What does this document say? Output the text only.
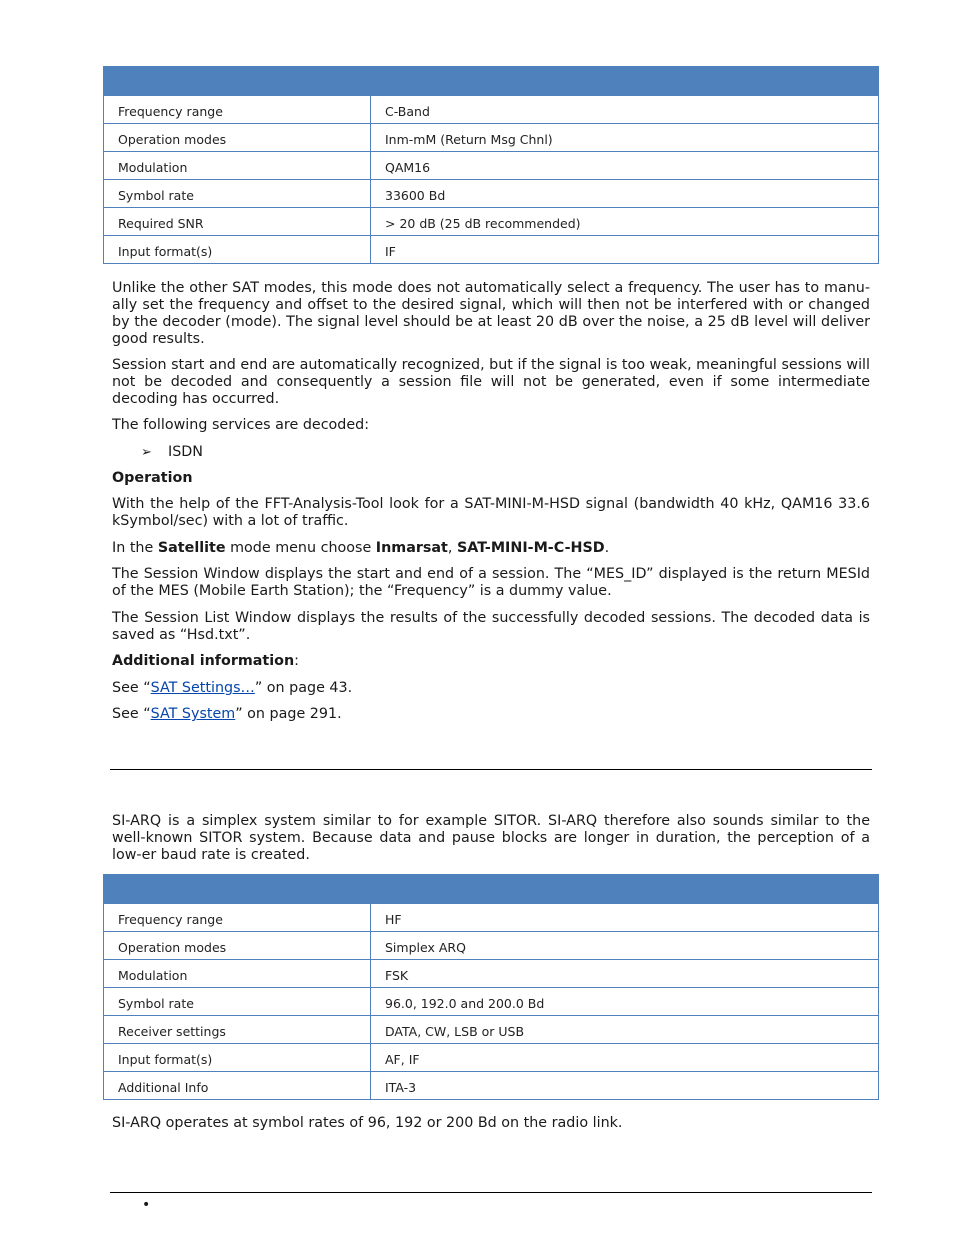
Frequency range	C-Band
Operation modes	Inm-mM (Return Msg Chnl)
Modulation	QAM16
Symbol rate	33600 Bd
Required SNR	> 20 dB (25 dB recommended)
Input format(s)	IF

Unlike the other SAT modes, this mode does not automatically select a frequency. The user has to manu-ally set the frequency and offset to the desired signal, which will then not be interfered with or changed by the decoder (mode). The signal level should be at least 20 dB over the noise, a 25 dB level will deliver good results.

Session start and end are automatically recognized, but if the signal is too weak, meaningful sessions will not be decoded and consequently a session file will not be generated, even if some intermediate decoding has occurred.

The following services are decoded:

➢ ISDN

Operation

With the help of the FFT-Analysis-Tool look for a SAT-MINI-M-HSD signal (bandwidth 40 kHz, QAM16 33.6 kSymbol/sec) with a lot of traffic.

In the Satellite mode menu choose Inmarsat, SAT-MINI-M-C-HSD.

The Session Window displays the start and end of a session. The “MES_ID” displayed is the return MESId of the MES (Mobile Earth Station); the “Frequency” is a dummy value.

The Session List Window displays the results of the successfully decoded sessions. The decoded data is saved as “Hsd.txt”.

Additional information:

See “SAT Settings…” on page 43.

See “SAT System” on page 291.

SI-ARQ is a simplex system similar to for example SITOR. SI-ARQ therefore also sounds similar to the well-known SITOR system. Because data and pause blocks are longer in duration, the perception of a low-er baud rate is created.

Frequency range	HF
Operation modes	Simplex ARQ
Modulation	FSK
Symbol rate	96.0, 192.0 and 200.0 Bd
Receiver settings	DATA, CW, LSB or USB
Input format(s)	AF, IF
Additional Info	ITA-3

SI-ARQ operates at symbol rates of 96, 192 or 200 Bd on the radio link.

•
